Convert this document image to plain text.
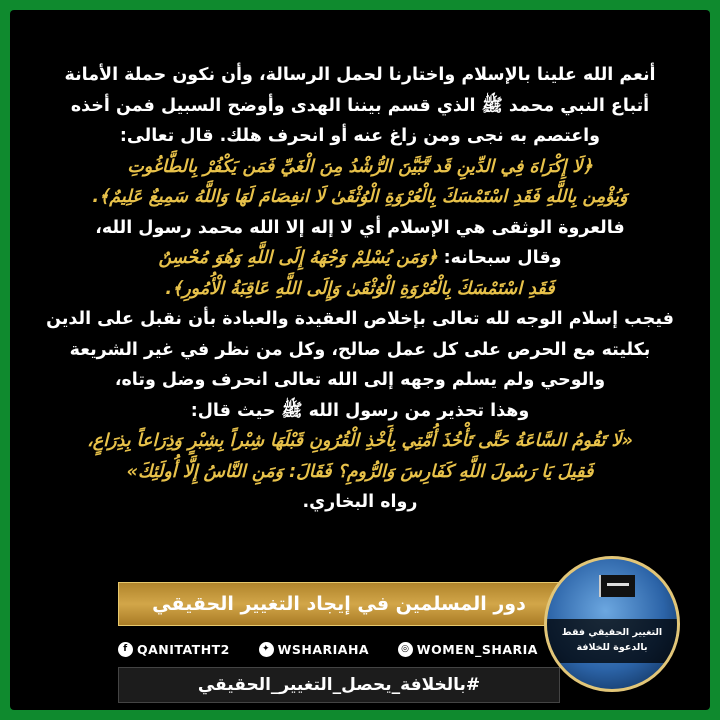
أنعم الله علينا بالإسلام واختارنا لحمل الرسالة، وأن نكون حملة الأمانة
أتباع النبي محمد ﷺ الذي قسم بيننا الهدى وأوضح السبيل فمن أخذه
واعتصم به نجى ومن زاغ عنه أو انحرف هلك. قال تعالى:
﴿لَا إِكْرَاهَ فِي الدِّينِ قَد تَّبَيَّنَ الرُّشْدُ مِنَ الْغَيِّ فَمَن يَكْفُرْ بِالطَّاغُوتِ
وَيُؤْمِن بِاللَّهِ فَقَدِ اسْتَمْسَكَ بِالْعُرْوَةِ الْوُثْقَىٰ لَا انفِصَامَ لَهَا وَاللَّهُ سَمِيعٌ عَلِيمٌ﴾.
فالعروة الوثقى هي الإسلام أي لا إله إلا الله محمد رسول الله،
وقال سبحانه: ﴿وَمَن يُسْلِمْ وَجْهَهُ إِلَى اللَّهِ وَهُوَ مُحْسِنٌ
فَقَدِ اسْتَمْسَكَ بِالْعُرْوَةِ الْوُثْقَىٰ وَإِلَى اللَّهِ عَاقِبَةُ الْأُمُورِ﴾.
فيجب إسلام الوجه لله تعالى بإخلاص العقيدة والعبادة بأن نقبل على الدين
بكليته مع الحرص على كل عمل صالح، وكل من نظر في غير الشريعة
والوحي ولم يسلم وجهه إلى الله تعالى انحرف وضل وتاه،
وهذا تحذير من رسول الله ﷺ حيث قال:
«لَا تَقُومُ السَّاعَةُ حَتَّى تَأْخُذَ أُمَّتِي بِأَخْذِ الْقُرُونِ قَبْلَهَا شِبْراً بِشِبْرٍ وَذِرَاعاً بِذِرَاعٍ،
فَقِيلَ يَا رَسُولَ اللَّهِ كَفَارِسَ وَالرُّومِ؟ فَقَالَ: وَمَنِ النَّاسُ إِلَّا أُولَئِكَ»
رواه البخاري.
دور المسلمين في إيجاد التغيير الحقيقي
◎ WOMEN_SHARIA
✦ WSHARIAHA
f QANITATHT2
#بالخلافة_يحصل_التغيير_الحقيقي
التغيير الحقيقي فقط
بالدعوة للخلافة
